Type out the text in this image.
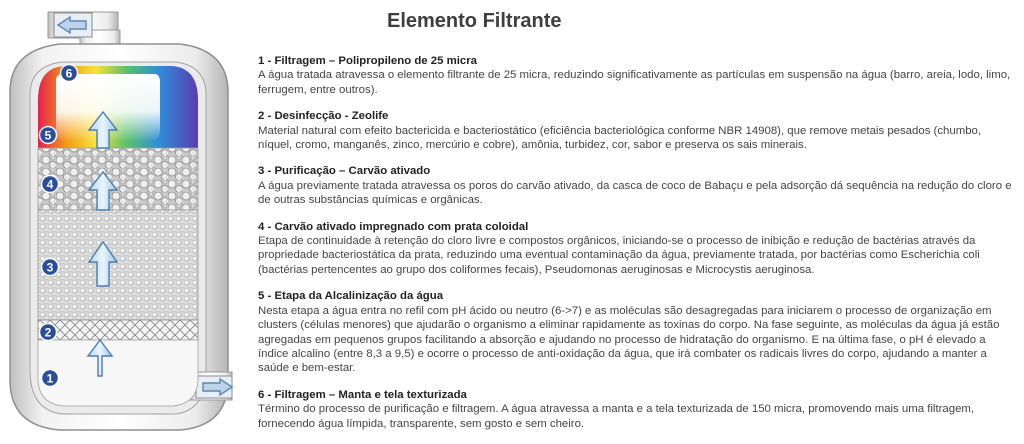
1
2
3
4
5
6
Elemento Filtrante
1 - Filtragem – Polipropileno de 25 micra
A água tratada atravessa o elemento filtrante de 25 micra, reduzindo significativamente as partículas em suspensão na água (barro, areia, lodo, limo, ferrugem, entre outros).
2 - Desinfecção - Zeolife
Material natural com efeito bactericida e bacteriostático (eficiência bacteriológica conforme NBR 14908), que remove metais pesados (chumbo, níquel, cromo, manganês, zinco, mercúrio e cobre), amônia, turbidez, cor, sabor e preserva os sais minerais.
3 - Purificação – Carvão ativado
A água previamente tratada atravessa os poros do carvão ativado, da casca de coco de Babaçu e pela adsorção dá sequência na redução do cloro e de outras substâncias químicas e orgânicas.
4 - Carvão ativado impregnado com prata coloidal
Etapa de continuidade à retenção do cloro livre e compostos orgânicos, iniciando-se o processo de inibição e redução de bactérias através da propriedade bacteriostática da prata, reduzindo uma eventual contaminação da água, previamente tratada, por bactérias como Escherichia coli (bactérias pertencentes ao grupo dos coliformes fecais), Pseudomonas aeruginosas e Microcystis aeruginosa.
5 - Etapa da Alcalinização da água
Nesta etapa a água entra no refil com pH ácido ou neutro (6->7) e as moléculas são desagregadas para iniciarem o processo de organização em clusters (células menores) que ajudarão o organismo a eliminar rapidamente as toxinas do corpo. Na fase seguinte, as moléculas da água já estão agregadas em pequenos grupos facilitando a absorção e ajudando no processo de hidratação do organismo. E na última fase, o pH é elevado a índice alcalino (entre 8,3 a 9,5) e ocorre o processo de anti-oxidação da água, que irá combater os radicais livres do corpo, ajudando a manter a saúde e bem-estar.
6 - Filtragem – Manta e tela texturizada
Término do processo de purificação e filtragem. A água atravessa a manta e a tela texturizada de 150 micra, promovendo mais uma filtragem, fornecendo água límpida, transparente, sem gosto e sem cheiro.
